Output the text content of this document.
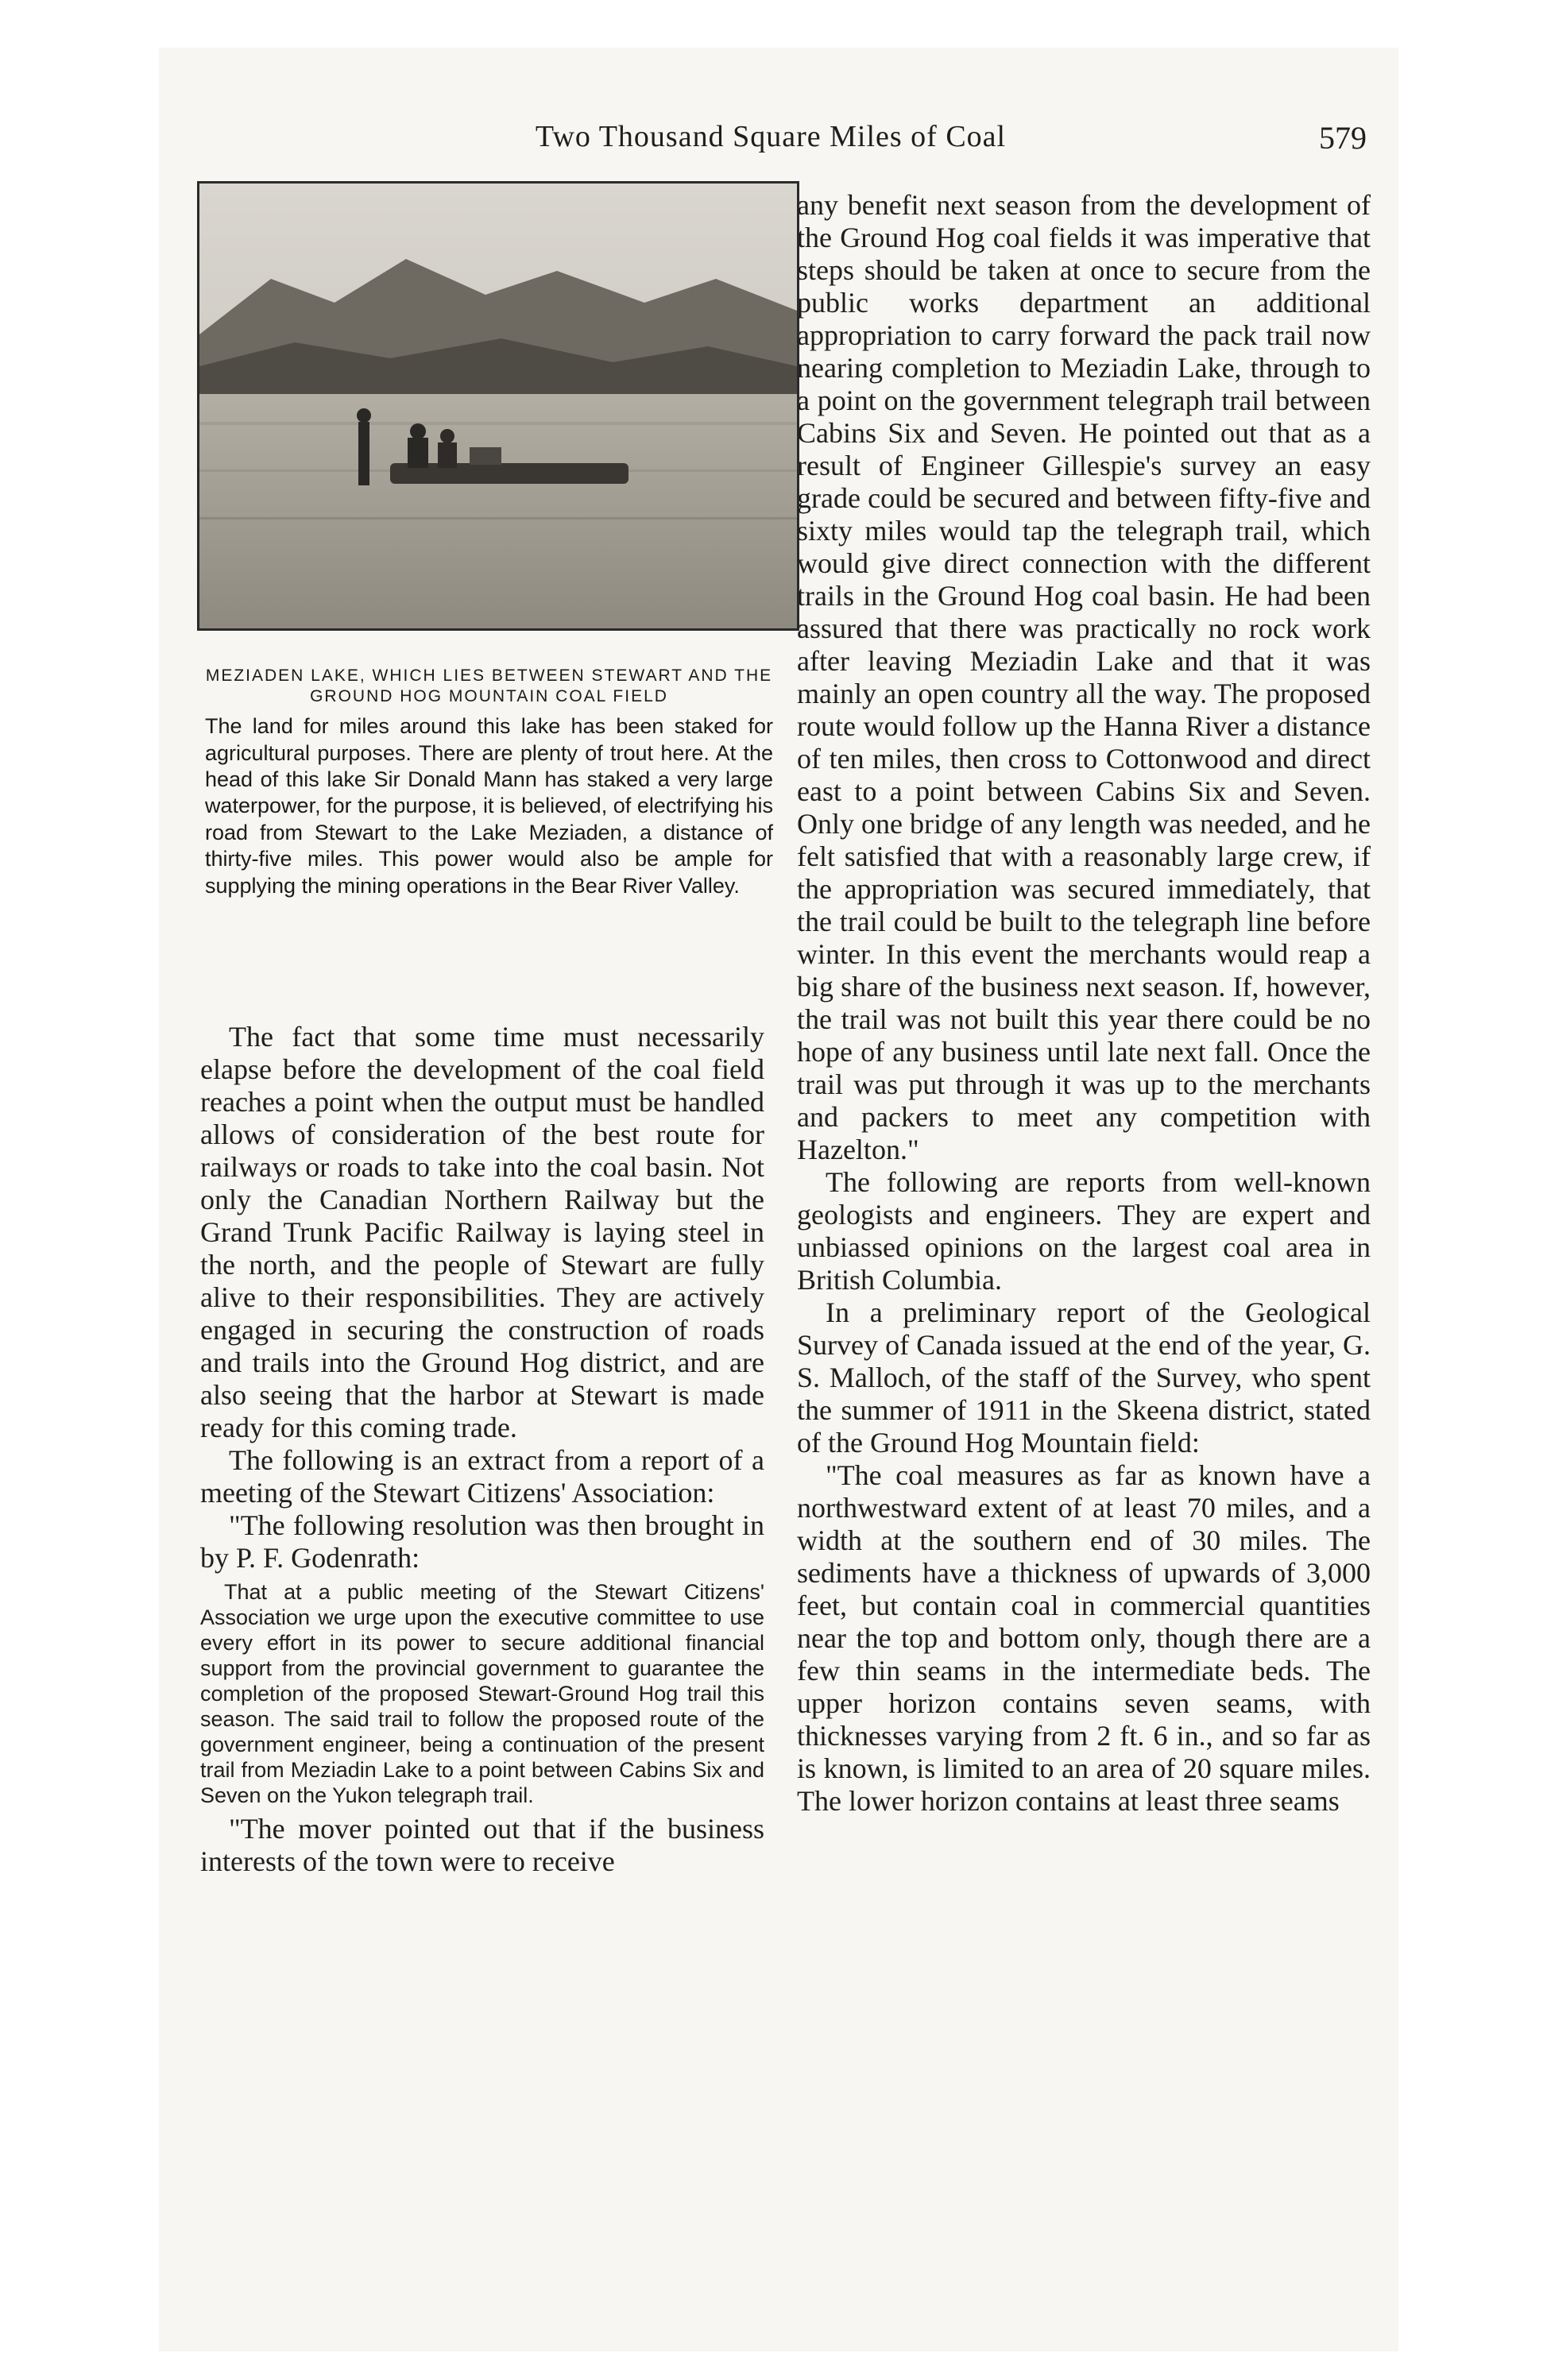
Two Thousand Square Miles of Coal	579
MEZIADEN LAKE, WHICH LIES BETWEEN STEWART AND THE GROUND HOG MOUNTAIN COAL FIELD
The land for miles around this lake has been staked for agricultural purposes. There are plenty of trout here. At the head of this lake Sir Donald Mann has staked a very large waterpower, for the purpose, it is believed, of electrifying his road from Stewart to the Lake Meziaden, a distance of thirty-five miles. This power would also be ample for supplying the mining operations in the Bear River Valley.

The fact that some time must necessarily elapse before the development of the coal field reaches a point when the output must be handled allows of consideration of the best route for railways or roads to take into the coal basin. Not only the Canadian Northern Railway but the Grand Trunk Pacific Railway is laying steel in the north, and the people of Stewart are fully alive to their responsibilities. They are actively engaged in securing the construction of roads and trails into the Ground Hog district, and are also seeing that the harbor at Stewart is made ready for this coming trade.

The following is an extract from a report of a meeting of the Stewart Citizens' Association:

"The following resolution was then brought in by P. F. Godenrath:

That at a public meeting of the Stewart Citizens' Association we urge upon the executive committee to use every effort in its power to secure additional financial support from the provincial government to guarantee the completion of the proposed Stewart-Ground Hog trail this season. The said trail to follow the proposed route of the government engineer, being a continuation of the present trail from Meziadin Lake to a point between Cabins Six and Seven on the Yukon telegraph trail.

"The mover pointed out that if the business interests of the town were to receive

any benefit next season from the development of the Ground Hog coal fields it was imperative that steps should be taken at once to secure from the public works department an additional appropriation to carry forward the pack trail now nearing completion to Meziadin Lake, through to a point on the government telegraph trail between Cabins Six and Seven. He pointed out that as a result of Engineer Gillespie's survey an easy grade could be secured and between fifty-five and sixty miles would tap the telegraph trail, which would give direct connection with the different trails in the Ground Hog coal basin. He had been assured that there was practically no rock work after leaving Meziadin Lake and that it was mainly an open country all the way. The proposed route would follow up the Hanna River a distance of ten miles, then cross to Cottonwood and direct east to a point between Cabins Six and Seven. Only one bridge of any length was needed, and he felt satisfied that with a reasonably large crew, if the appropriation was secured immediately, that the trail could be built to the telegraph line before winter. In this event the merchants would reap a big share of the business next season. If, however, the trail was not built this year there could be no hope of any business until late next fall. Once the trail was put through it was up to the merchants and packers to meet any competition with Hazelton."

The following are reports from well-known geologists and engineers. They are expert and unbiassed opinions on the largest coal area in British Columbia.

In a preliminary report of the Geological Survey of Canada issued at the end of the year, G. S. Malloch, of the staff of the Survey, who spent the summer of 1911 in the Skeena district, stated of the Ground Hog Mountain field:

"The coal measures as far as known have a northwestward extent of at least 70 miles, and a width at the southern end of 30 miles. The sediments have a thickness of upwards of 3,000 feet, but contain coal in commercial quantities near the top and bottom only, though there are a few thin seams in the intermediate beds. The upper horizon contains seven seams, with thicknesses varying from 2 ft. 6 in., and so far as is known, is limited to an area of 20 square miles. The lower horizon contains at least three seams
